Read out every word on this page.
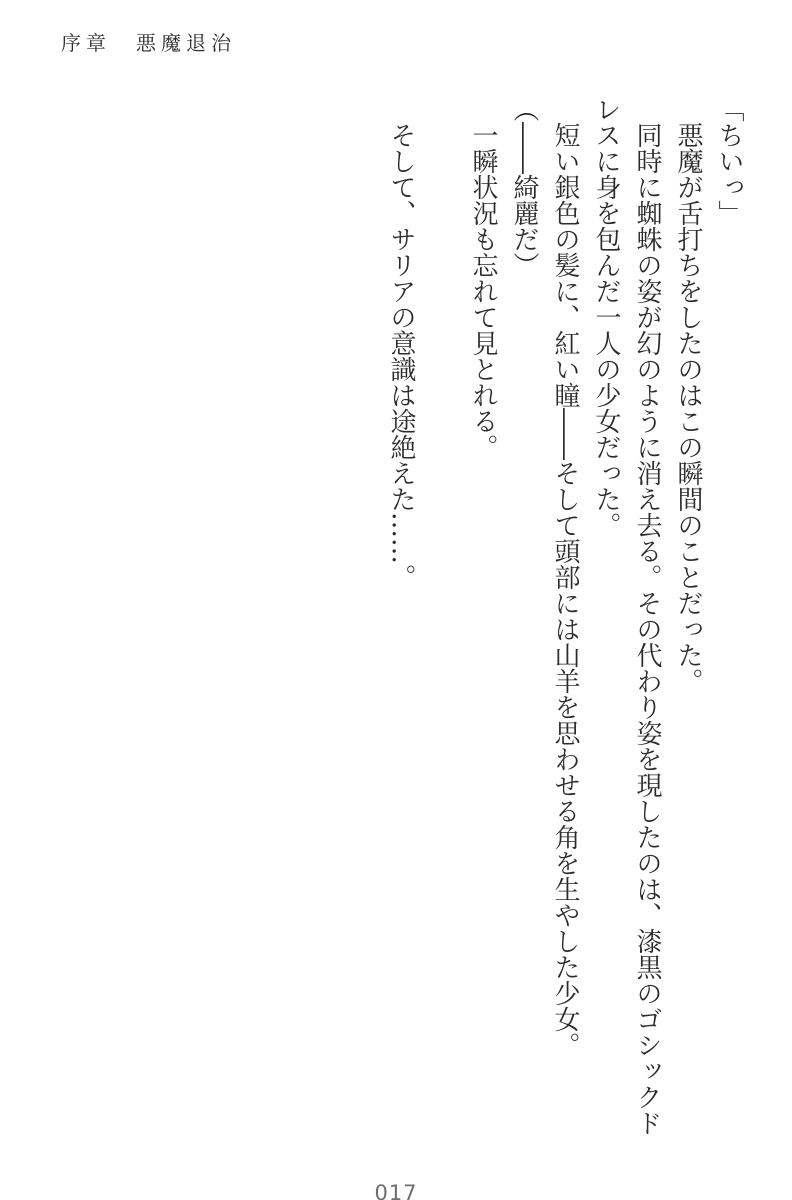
序章　悪魔退治

「ちいっ」

悪魔が舌打ちをしたのはこの瞬間のことだった。

同時に蜘蛛の姿が幻のように消え去る。その代わり姿を現したのは、漆黒のゴシックドレスに身を包んだ一人の少女だった。

短い銀色の髪に、紅い瞳――そして頭部には山羊を思わせる角を生やした少女。

（――綺麗だ）

一瞬状況も忘れて見とれる。

そして、サリアの意識は途絶えた……。

017
